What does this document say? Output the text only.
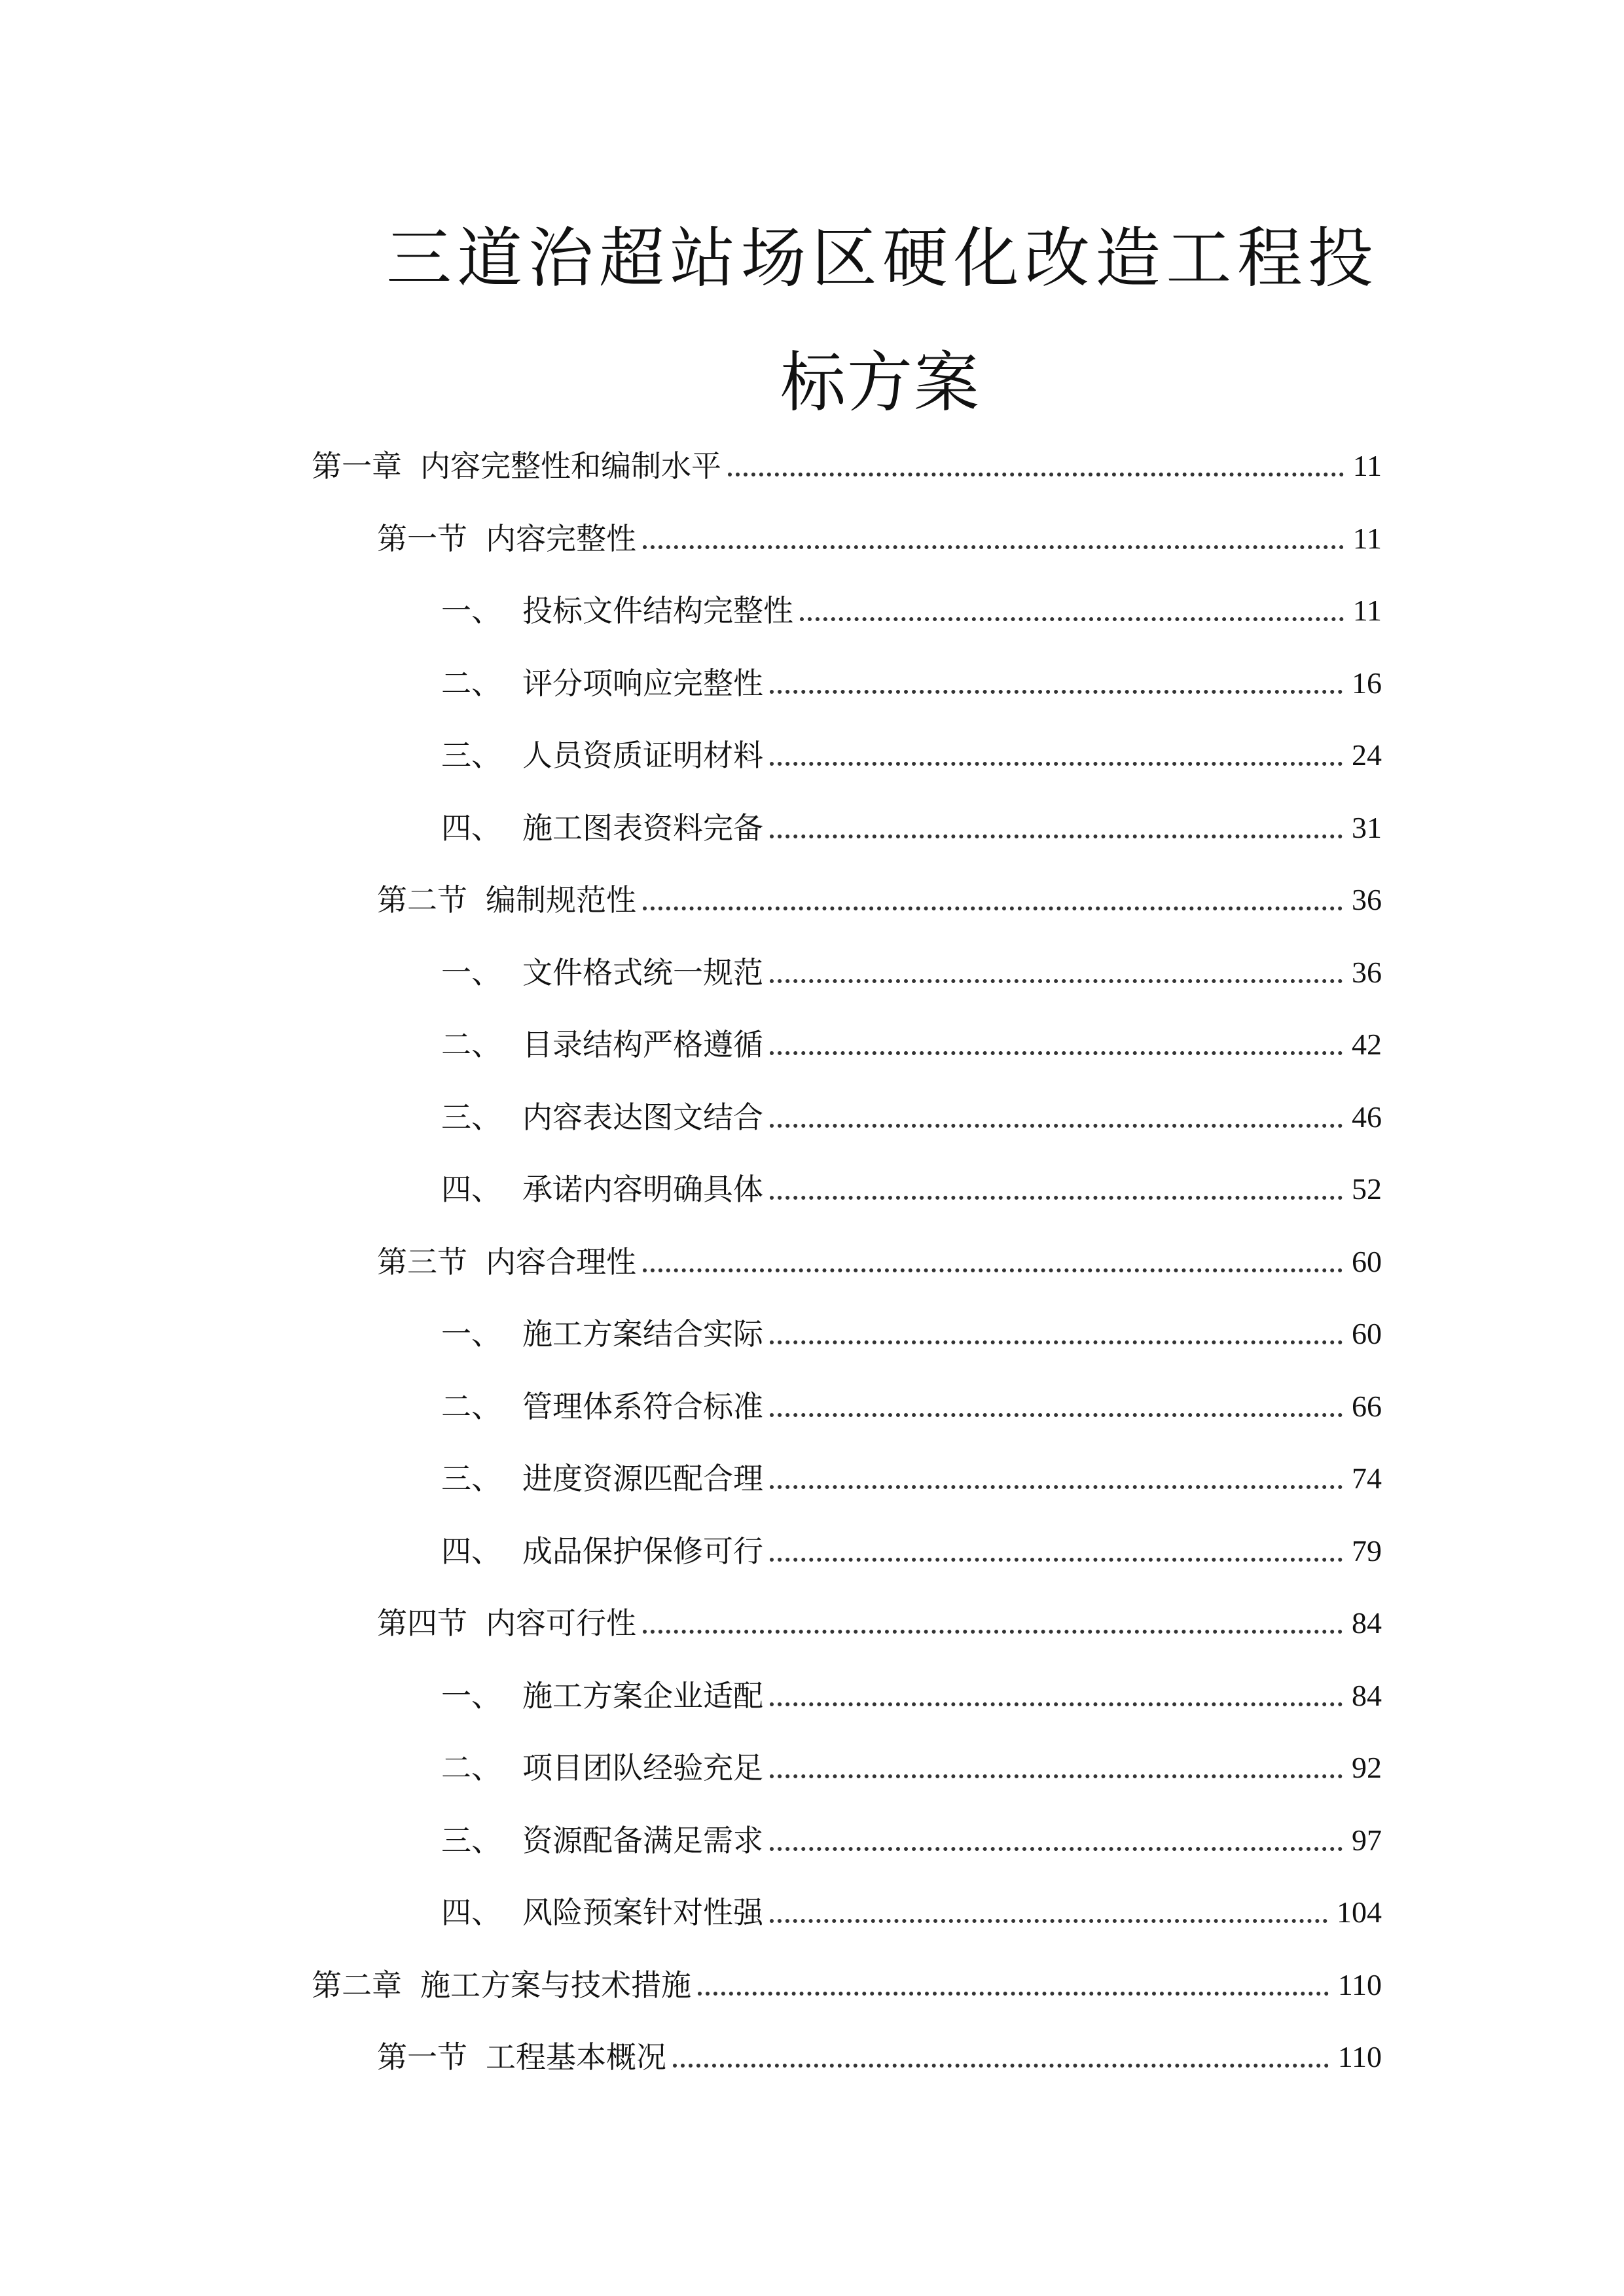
三道治超站场区硬化改造工程投标方案
第一章 内容完整性和编制水平	11
第一节 内容完整性	11
一、 投标文件结构完整性	11
二、 评分项响应完整性	16
三、 人员资质证明材料	24
四、 施工图表资料完备	31
第二节 编制规范性	36
一、 文件格式统一规范	36
二、 目录结构严格遵循	42
三、 内容表达图文结合	46
四、 承诺内容明确具体	52
第三节 内容合理性	60
一、 施工方案结合实际	60
二、 管理体系符合标准	66
三、 进度资源匹配合理	74
四、 成品保护保修可行	79
第四节 内容可行性	84
一、 施工方案企业适配	84
二、 项目团队经验充足	92
三、 资源配备满足需求	97
四、 风险预案针对性强	104
第二章 施工方案与技术措施	110
第一节 工程基本概况	110
